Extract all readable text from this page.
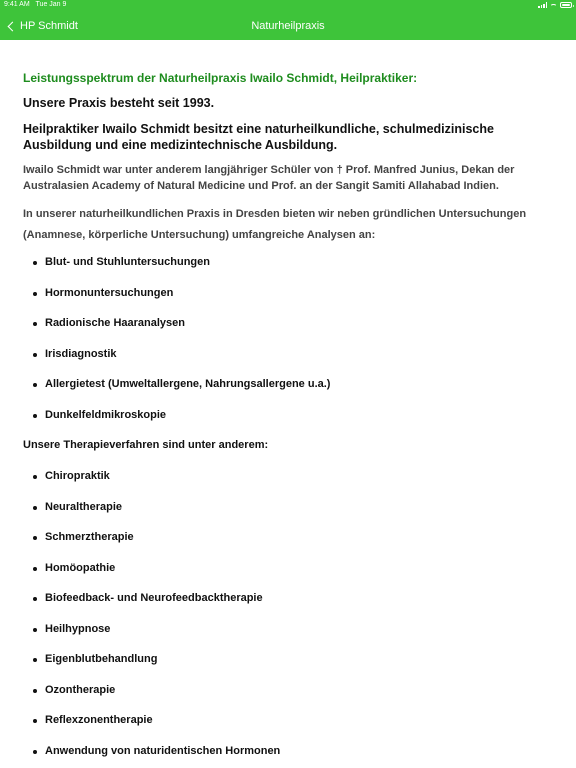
9:41 AM Tue Jan 9
HP Schmidt	Naturheilpraxis

Leistungsspektrum der Naturheilpraxis Iwailo Schmidt, Heilpraktiker:

Unsere Praxis besteht seit 1993.

Heilpraktiker Iwailo Schmidt besitzt eine naturheilkundliche, schulmedizinische Ausbildung und eine medizintechnische Ausbildung.

Iwailo Schmidt war unter anderem langjähriger Schüler von † Prof. Manfred Junius, Dekan der Australasien Academy of Natural Medicine und Prof. an der Sangit Samiti Allahabad Indien.

In unserer naturheilkundlichen Praxis in Dresden bieten wir neben gründlichen Untersuchungen (Anamnese, körperliche Untersuchung) umfangreiche Analysen an:

Blut- und Stuhluntersuchungen
Hormonuntersuchungen
Radionische Haaranalysen
Irisdiagnostik
Allergietest (Umweltallergene, Nahrungsallergene u.a.)
Dunkelfeldmikroskopie

Unsere Therapieverfahren sind unter anderem:

Chiropraktik
Neuraltherapie
Schmerztherapie
Homöopathie
Biofeedback- und Neurofeedbacktherapie
Heilhypnose
Eigenblutbehandlung
Ozontherapie
Reflexzonentherapie
Anwendung von naturidentischen Hormonen
